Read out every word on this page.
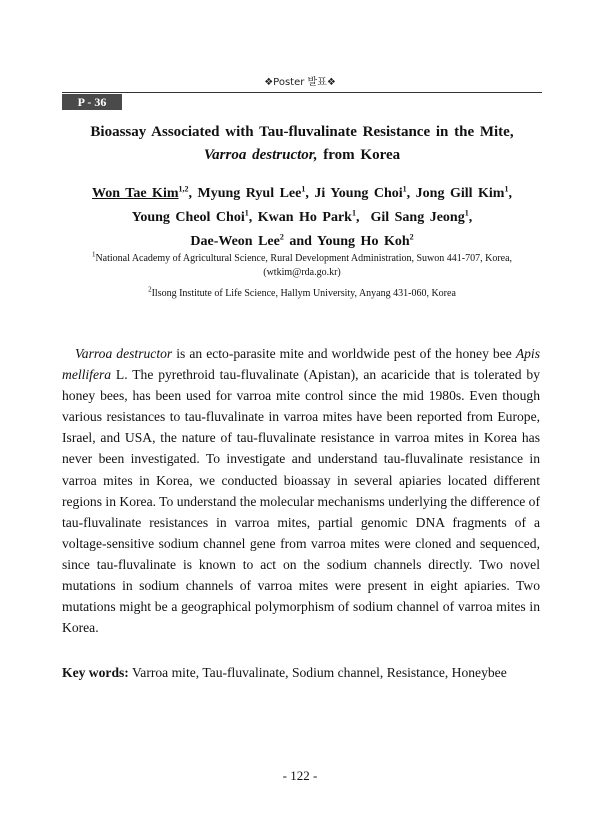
❖Poster 발표❖
P - 36
Bioassay Associated with Tau-fluvalinate Resistance in the Mite,
Varroa destructor, from Korea
Won Tae Kim$^{1,2}$, Myung Ryul Lee$^1$, Ji Young Choi$^1$, Jong Gill Kim$^1$,
Young Cheol Choi$^1$, Kwan Ho Park$^1$,  Gil Sang Jeong$^1$,
Dae-Weon Lee$^2$ and Young Ho Koh$^2$
$^1$National Academy of Agricultural Science, Rural Development Administration, Suwon 441-707, Korea,
(wtkim@rda.go.kr)
$^2$Ilsong Institute of Life Science, Hallym University, Anyang 431-060, Korea
Varroa destructor is an ecto-parasite mite and worldwide pest of the honey bee Apis mellifera L. The pyrethroid tau-fluvalinate (Apistan), an acaricide that is tolerated by honey bees, has been used for varroa mite control since the mid 1980s. Even though various resistances to tau-fluvalinate in varroa mites have been reported from Europe, Israel, and USA, the nature of tau-fluvalinate resistance in varroa mites in Korea has never been investigated. To investigate and understand tau-fluvalinate resistance in varroa mites in Korea, we conducted bioassay in several apiaries located different regions in Korea. To understand the molecular mechanisms underlying the difference of tau-fluvalinate resistances in varroa mites, partial genomic DNA fragments of a voltage-sensitive sodium channel gene from varroa mites were cloned and sequenced, since tau-fluvalinate is known to act on the sodium channels directly. Two novel mutations in sodium channels of varroa mites were present in eight apiaries. Two mutations might be a geographical polymorphism of sodium channel of varroa mites in Korea.
Key words: Varroa mite, Tau-fluvalinate, Sodium channel, Resistance, Honeybee
- 122 -
